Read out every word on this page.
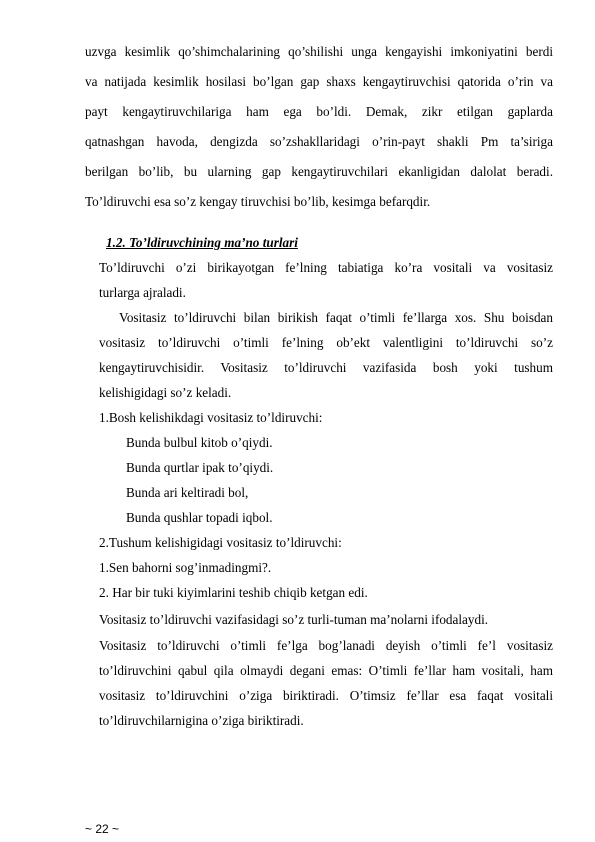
uzvga kesimlik qo’shimchalarining qo’shilishi unga kengayishi imkoniyatini berdi
va natijada kesimlik hosilasi bo’lgan gap shaxs kengaytiruvchisi qatorida o’rin va
payt kengaytiruvchilariga ham ega bo’ldi. Demak, zikr etilgan gaplarda
qatnashgan havoda, dengizda so’zshakllaridagi o’rin-payt shakli Pm ta’siriga
berilgan bo’lib, bu ularning gap kengaytiruvchilari ekanligidan dalolat beradi.
To’ldiruvchi esa so’z kengay tiruvchisi bo’lib, kesimga befarqdir.
1.2. To’ldiruvchining ma’no turlari
To’ldiruvchi o’zi birikayotgan fe’lning tabiatiga ko’ra vositali va vositasiz
turlarga ajraladi.
Vositasiz to’ldiruvchi bilan birikish faqat o’timli fe’llarga xos. Shu boisdan
vositasiz to’ldiruvchi o’timli fe’lning ob’ekt valentligini to’ldiruvchi so’z
kengaytiruvchisidir. Vositasiz to’ldiruvchi vazifasida bosh yoki tushum
kelishigidagi so’z keladi.
1.Bosh kelishikdagi vositasiz to’ldiruvchi:
Bunda bulbul kitob o’qiydi.
Bunda qurtlar ipak to’qiydi.
Bunda ari keltiradi bol,
Bunda qushlar topadi iqbol.
2.Tushum kelishigidagi vositasiz to’ldiruvchi:
1.Sen bahorni sog’inmadingmi?.
2. Har bir tuki kiyimlarini teshib chiqib ketgan edi.
Vositasiz to’ldiruvchi vazifasidagi so’z turli-tuman ma’nolarni ifodalaydi.
Vositasiz to’ldiruvchi o’timli fe’lga bog’lanadi deyish o’timli fe’l vositasiz
to’ldiruvchini qabul qila olmaydi degani emas: O’timli fe’llar ham vositali, ham
vositasiz to’ldiruvchini o’ziga biriktiradi. O’timsiz fe’llar esa faqat vositali
to’ldiruvchilarnigina o’ziga biriktiradi.
~ 22 ~
